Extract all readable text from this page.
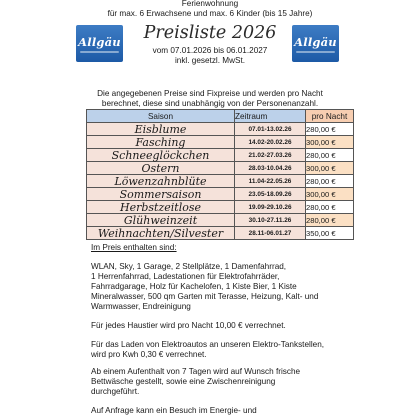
Ferienwohnung
für max. 6 Erwachsene und max. 6 Kinder (bis 15 Jahre)
Allgäu	Allgäu
Preisliste 2026
vom 07.01.2026 bis 06.01.2027
inkl. gesetzl. MwSt.
Die angegebenen Preise sind Fixpreise und werden pro Nacht
berechnet, diese sind unabhängig von der Personenanzahl.
Saison	Zeitraum	pro Nacht
Eisblume	07.01-13.02.26	280,00 €
Fasching	14.02-20.02.26	300,00 €
Schneeglöckchen	21.02-27.03.26	280,00 €
Ostern	28.03-10.04.26	300,00 €
Löwenzahnblüte	11.04-22.05.26	280,00 €
Sommersaison	23.05-18.09.26	300,00 €
Herbstzeitlose	19.09-29.10.26	280,00 €
Glühweinzeit	30.10-27.11.26	280,00 €
Weihnachten/Silvester	28.11-06.01.27	350,00 €
Im Preis enthalten sind:
WLAN, Sky, 1 Garage, 2 Stellplätze, 1 Damenfahrrad,
1 Herrenfahrrad, Ladestationen für Elektrofahrräder,
Fahrradgarage, Holz für Kachelofen, 1 Kiste Bier, 1 Kiste
Mineralwasser, 500 qm Garten mit Terasse, Heizung, Kalt- und
Warmwasser, Endreinigung
Für jedes Haustier wird pro Nacht 10,00 € verrechnet.
Für das Laden von Elektroautos an unseren Elektro-Tankstellen,
wird pro Kwh 0,30 € verrechnet.
Ab einem Aufenthalt von 7 Tagen wird auf Wunsch frische
Bettwäsche gestellt, sowie eine Zwischenreinigung
durchgeführt.
Auf Anfrage kann ein Besuch im Energie- und
